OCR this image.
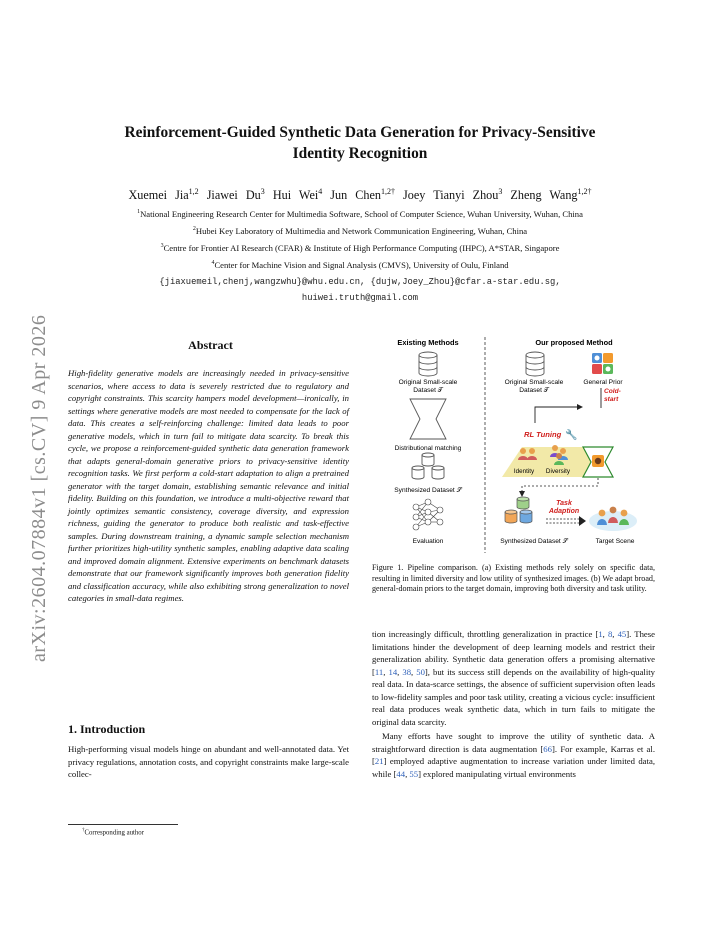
arXiv:2604.07884v1 [cs.CV] 9 Apr 2026
Reinforcement-Guided Synthetic Data Generation for Privacy-Sensitive
Identity Recognition
Xuemei Jia$^{1,2}$ Jiawei Du$^3$ Hui Wei$^4$ Jun Chen$^{1,2\dagger}$ Joey Tianyi Zhou$^3$ Zheng Wang$^{1,2\dagger}$
$^1$National Engineering Research Center for Multimedia Software, School of Computer Science, Wuhan University, Wuhan, China
$^2$Hubei Key Laboratory of Multimedia and Network Communication Engineering, Wuhan, China
$^3$Centre for Frontier AI Research (CFAR) & Institute of High Performance Computing (IHPC), A*STAR, Singapore
$^4$Center for Machine Vision and Signal Analysis (CMVS), University of Oulu, Finland
{jiaxuemeil,chenj,wangzwhu}@whu.edu.cn, {dujw,Joey_Zhou}@cfar.a-star.edu.sg,
huiwei.truth@gmail.com
Abstract
High-fidelity generative models are increasingly needed in privacy-sensitive scenarios, where access to data is severely restricted due to regulatory and copyright constraints. This scarcity hampers model development—ironically, in settings where generative models are most needed to compensate for the lack of data. This creates a self-reinforcing challenge: limited data leads to poor generative models, which in turn fail to mitigate data scarcity. To break this cycle, we propose a reinforcement-guided synthetic data generation framework that adapts general-domain generative priors to privacy-sensitive identity recognition tasks. We first perform a cold-start adaptation to align a pretrained generator with the target domain, establishing semantic relevance and initial fidelity. Building on this foundation, we introduce a multi-objective reward that jointly optimizes semantic consistency, coverage diversity, and expression richness, guiding the generator to produce both realistic and task-effective samples. During downstream training, a dynamic sample selection mechanism further prioritizes high-utility synthetic samples, enabling adaptive data scaling and improved domain alignment. Extensive experiments on benchmark datasets demonstrate that our framework significantly improves both generation fidelity and classification accuracy, while also exhibiting strong generalization to novel categories in small-data regimes.
1. Introduction
High-performing visual models hinge on abundant and well-annotated data. Yet privacy regulations, annotation costs, and copyright constraints make large-scale collec-
†Corresponding author
Existing Methods	Our proposed Method
Original Small-scale
Dataset 𝒯
Distributional matching
Synthesized Dataset 𝒮
Evaluation
Original Small-scale
Dataset 𝒯
General Prior
Cold-
start
RL Tuning 🔧
Identity Diversity
Synthesized Dataset 𝒮
Task
Adaption
Target Scene
Figure 1. Pipeline comparison. (a) Existing methods rely solely on specific data, resulting in limited diversity and low utility of synthesized images. (b) We adapt broad, general-domain priors to the target domain, improving both diversity and task utility.

tion increasingly difficult, throttling generalization in practice [1, 8, 45]. These limitations hinder the development of deep learning models and restrict their generalization ability. Synthetic data generation offers a promising alternative [11, 14, 38, 50], but its success still depends on the availability of high-quality real data. In data-scarce settings, the absence of sufficient supervision often leads to low-fidelity samples and poor task utility, creating a vicious cycle: insufficient real data produces weak synthetic data, which in turn fails to mitigate the original data scarcity.

Many efforts have sought to improve the utility of synthetic data. A straightforward direction is data augmentation [66]. For example, Karras et al. [21] employed adaptive augmentation to increase variation under limited data, while [44, 55] explored manipulating virtual environments
